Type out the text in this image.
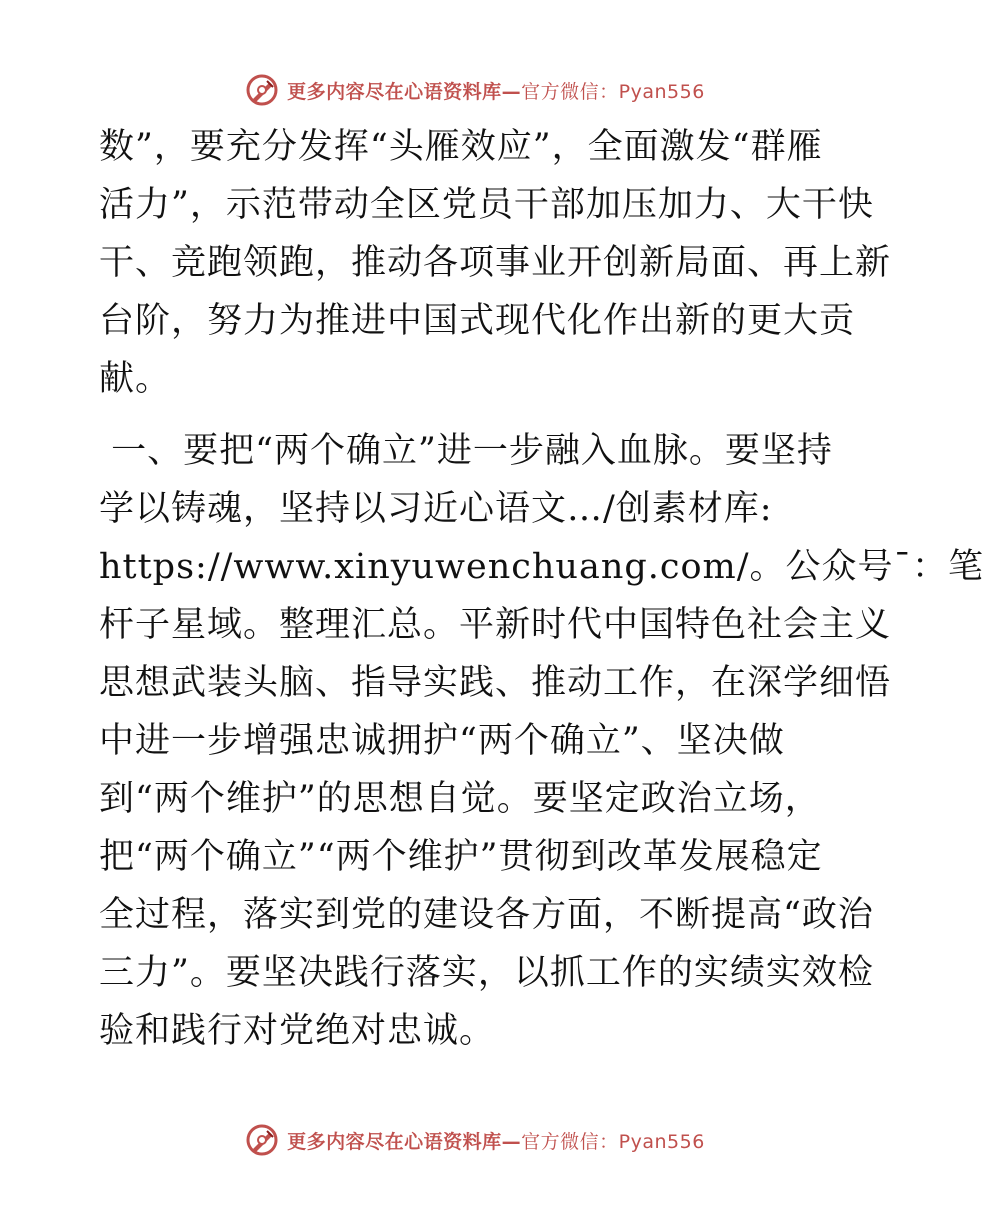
更多内容尽在心语资料库—官方微信：Pyan556
数”，要充分发挥“头雁效应”，全面激发“群雁
活力”，示范带动全区党员干部加压加力、大干快
干、竞跑领跑，推动各项事业开创新局面、再上新
台阶，努力为推进中国式现代化作出新的更大贡
献。
一、要把“两个确立”进一步融入血脉。要坚持
学以铸魂，坚持以习近心语文…/创素材库:
https://www.xinyuwenchuang.com/。公众号¯：笔
杆子星域。整理汇总。平新时代中国特色社会主义
思想武装头脑、指导实践、推动工作，在深学细悟
中进一步增强忠诚拥护“两个确立”、坚决做
到“两个维护”的思想自觉。要坚定政治立场，
把“两个确立”“两个维护”贯彻到改革发展稳定
全过程，落实到党的建设各方面，不断提高“政治
三力”。要坚决践行落实，以抓工作的实绩实效检
验和践行对党绝对忠诚。
更多内容尽在心语资料库—官方微信：Pyan556
